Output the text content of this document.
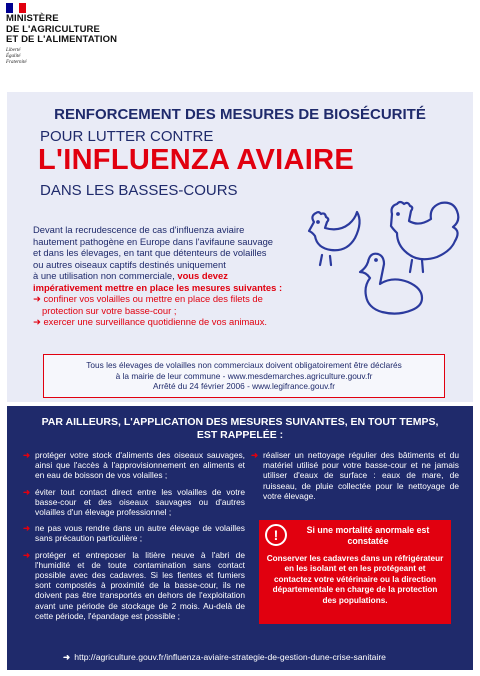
MINISTÈRE
DE L'AGRICULTURE
ET DE L'ALIMENTATION
Liberté
Égalité
Fraternité
RENFORCEMENT DES MESURES DE BIOSÉCURITÉ
POUR LUTTER CONTRE
L'INFLUENZA AVIAIRE
DANS LES BASSES-COURS
Devant la recrudescence de cas d'influenza aviaire
hautement pathogène en Europe dans l'avifaune sauvage
et dans les élevages, en tant que détenteurs de volailles
ou autres oiseaux captifs destinés uniquement
à une utilisation non commerciale, vous devez
impérativement mettre en place les mesures suivantes :
➜ confiner vos volailles ou mettre en place des filets de protection sur votre basse-cour ;
➜ exercer une surveillance quotidienne de vos animaux.
Tous les élevages de volailles non commerciaux doivent obligatoirement être déclarés
à la mairie de leur commune - www.mesdemarches.agriculture.gouv.fr
Arrêté du 24 février 2006 - www.legifrance.gouv.fr
PAR AILLEURS, L'APPLICATION DES MESURES SUIVANTES, EN TOUT TEMPS,
EST RAPPELÉE :
➜ protéger votre stock d'aliments des oiseaux sauvages, ainsi que l'accès à l'approvisionnement en aliments et en eau de boisson de vos volailles ;
➜ éviter tout contact direct entre les volailles de votre basse-cour et des oiseaux sauvages ou d'autres volailles d'un élevage professionnel ;
➜ ne pas vous rendre dans un autre élevage de volailles sans précaution particulière ;
➜ protéger et entreposer la litière neuve à l'abri de l'humidité et de toute contamination sans contact possible avec des cadavres. Si les fientes et fumiers sont compostés à proximité de la basse-cour, ils ne doivent pas être transportés en dehors de l'exploitation avant une période de stockage de 2 mois. Au-delà de cette période, l'épandage est possible ;
➜ réaliser un nettoyage régulier des bâtiments et du matériel utilisé pour votre basse-cour et ne jamais utiliser d'eaux de surface : eaux de mare, de ruisseau, de pluie collectée pour le nettoyage de votre élevage.
!	Si une mortalité anormale est constatée
Conserver les cadavres dans un réfrigérateur en les isolant et en les protégeant et contactez votre vétérinaire ou la direction départementale en charge de la protection des populations.
➜ http://agriculture.gouv.fr/influenza-aviaire-strategie-de-gestion-dune-crise-sanitaire
